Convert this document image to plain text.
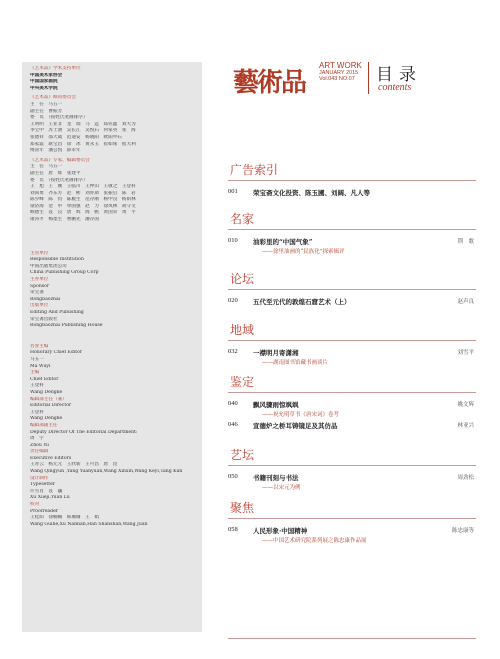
《艺术品》学术支持单位
中国美术家协会
中国国家画院
中央美术学院
《艺术品》顾问委员会
主　任　马五一
副主任　曹振芳
委　员　（按姓氏笔画排序）
王明明　王亚非　龙　瑞　马　远　郑佐鑫　刘大为
李宝中　苏士澍　吴长江　吴悦石　何家英　张　海
张德祥　邵大箴　范迪安　杨晓阳　欧阳中石
郑家震　耿宝昌　徐　冰　黄永玉　崔如琢　程大利
傅熹年　潘公凯　薛永年
《艺术品》专家、编辑委员会
主　任　马五一
副主任　唐　辉　张建平
委　员　（按姓氏笔画排序）
王　旭　王　刚　王临川　王仲山　王敬之　王登科
刘尚勇　齐东方　赵　彬　刘亦斯　张振启　陈　岩
陈少峰　陈　钧　陈履生　范存刚　杨中良　杨荫林
梁济海　金　申　单国强　赵　力　徐凤林　胡守文
顾德生　袁　良　唐　辉　海　帆　黄国荣　黄　平
康涛才　梅墨生　曹鹏先　潘存国
主管单位
Responsible Institution
中国出版集团公司
China Publishing Group Corp
主办单位
Sponsor
荣宝斋
Rongbaozhai
出版单位
Editing And Publishing
荣宝斋出版社
Rongbaozhai Publishing House
名誉主编
Honorary Chief Editor
马五一
Ma Wuyi
主编
Chief Editor
王登科
Wang Dengke
编辑部主任（兼）
Editorial Director
王登科
Wang Dengke
编辑部副主任
Deputy Director Of The Editorial Department:
周　宇
Zhou Yu
责任编辑
Executive Editors
王青云　杨元元　王欣新　王可昌　唐　昆
Wang Qingyun ,Yang Yuanyuan,Wang Xinxin,Wang Keyi,Tang Kun
设计制作
Typesetter
许雪肖　袁　巍
Xu Xueji,Yuan Lu
校对
Proofreader
王桂荫　徐楠楠　韩珊珊　王　娟
Wang Guihe,Xu Nannan,Han Shanshan,Wang Juan
藝術品
ART WORK
JANUARY 2015
Vol.043 NO.07	目录
contents
广告索引
001 荣宝斋文化投资、陈玉圃、刘阔、凡人等
名家
010 油彩里的“中国气象”	荆　歌
——徐里油画的“民族化”探索辑评
论坛
020 五代至元代的敦煌石窟艺术（上）	赵声良
地域
032 一襟明月寄潇湘	刘雪平
——湖南图书馆藏书画谈片
鉴定
040 飘风骤雨惊飒飒	姚文辉
——祝允明草书《唐宋词》卷考
046 宣德炉之桥耳铸镜足及其仿品	林亚兴
艺坛
050 书籍刊刻与书法	周劲松
——以宋元为例
聚焦
058 人民形象·中国精神	陈忠康等
——中国艺术研究院系列展之陈忠康作品展
